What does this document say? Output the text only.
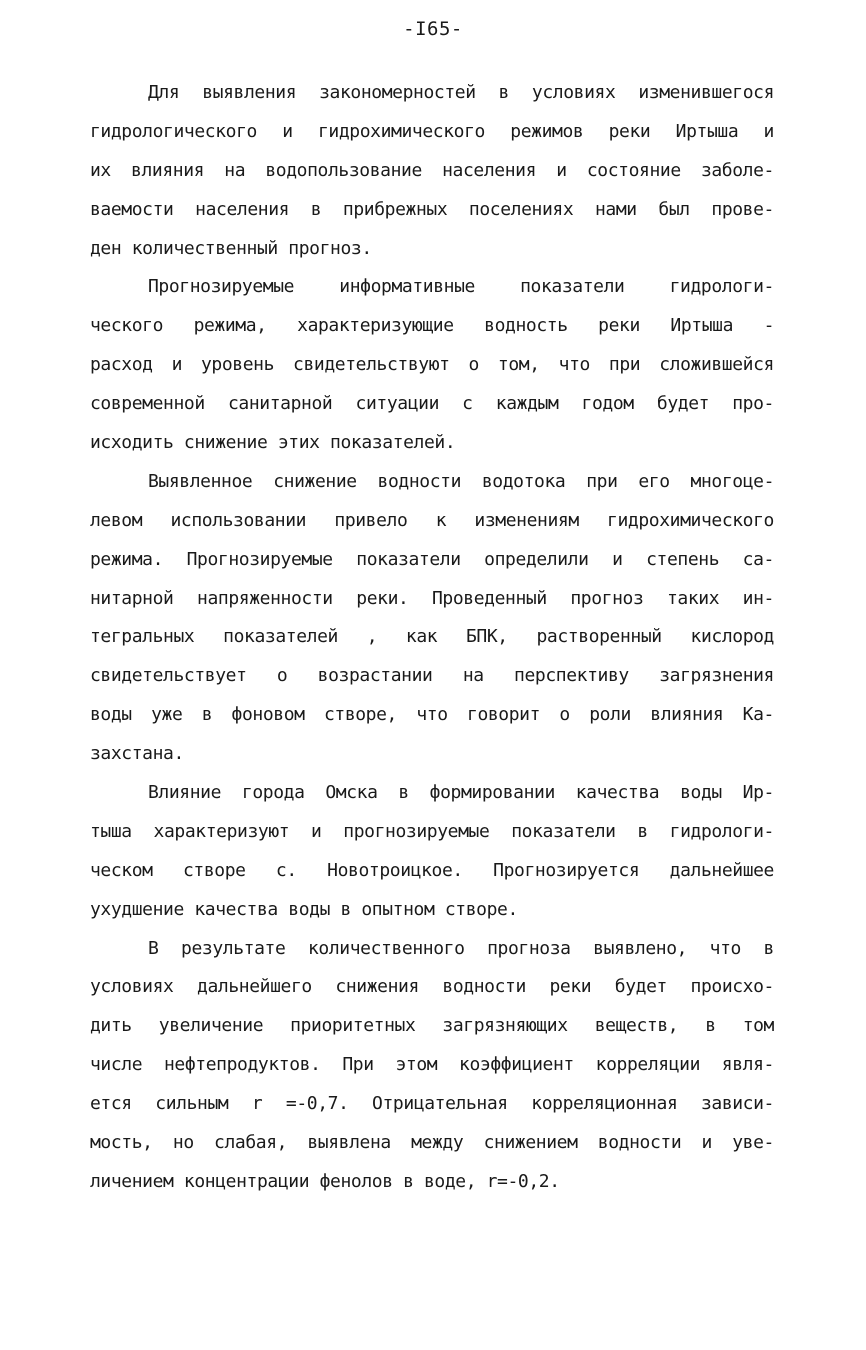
-I65-
Для выявления закономерностей в условиях изменившегося
гидрологического и гидрохимического режимов реки Иртыша и
их влияния на водопользование населения и состояние заболе-
ваемости населения в прибрежных поселениях нами был прове-
ден количественный прогноз.
Прогнозируемые информативные показатели гидрологи-
ческого режима, характеризующие водность реки Иртыша -
расход и уровень свидетельствуют о том, что при сложившейся
современной санитарной ситуации с каждым годом будет про-
исходить снижение этих показателей.
Выявленное снижение водности водотока при его многоце-
левом использовании привело к изменениям гидрохимического
режима. Прогнозируемые показатели определили и степень са-
нитарной напряженности реки. Проведенный прогноз таких ин-
тегральных показателей , как БПК, растворенный кислород
свидетельствует о возрастании на перспективу загрязнения
воды уже в фоновом створе, что говорит о роли влияния Ка-
захстана.
Влияние города Омска в формировании качества воды Ир-
тыша характеризуют и прогнозируемые показатели в гидрологи-
ческом створе с. Новотроицкое. Прогнозируется дальнейшее
ухудшение качества воды в опытном створе.
В результате количественного прогноза выявлено, что в
условиях дальнейшего снижения водности реки будет происхо-
дить увеличение приоритетных загрязняющих веществ, в том
числе нефтепродуктов. При этом коэффициент корреляции явля-
ется сильным r =-0,7. Отрицательная корреляционная зависи-
мость, но слабая, выявлена между снижением водности и уве-
личением концентрации фенолов в воде, r=-0,2.
